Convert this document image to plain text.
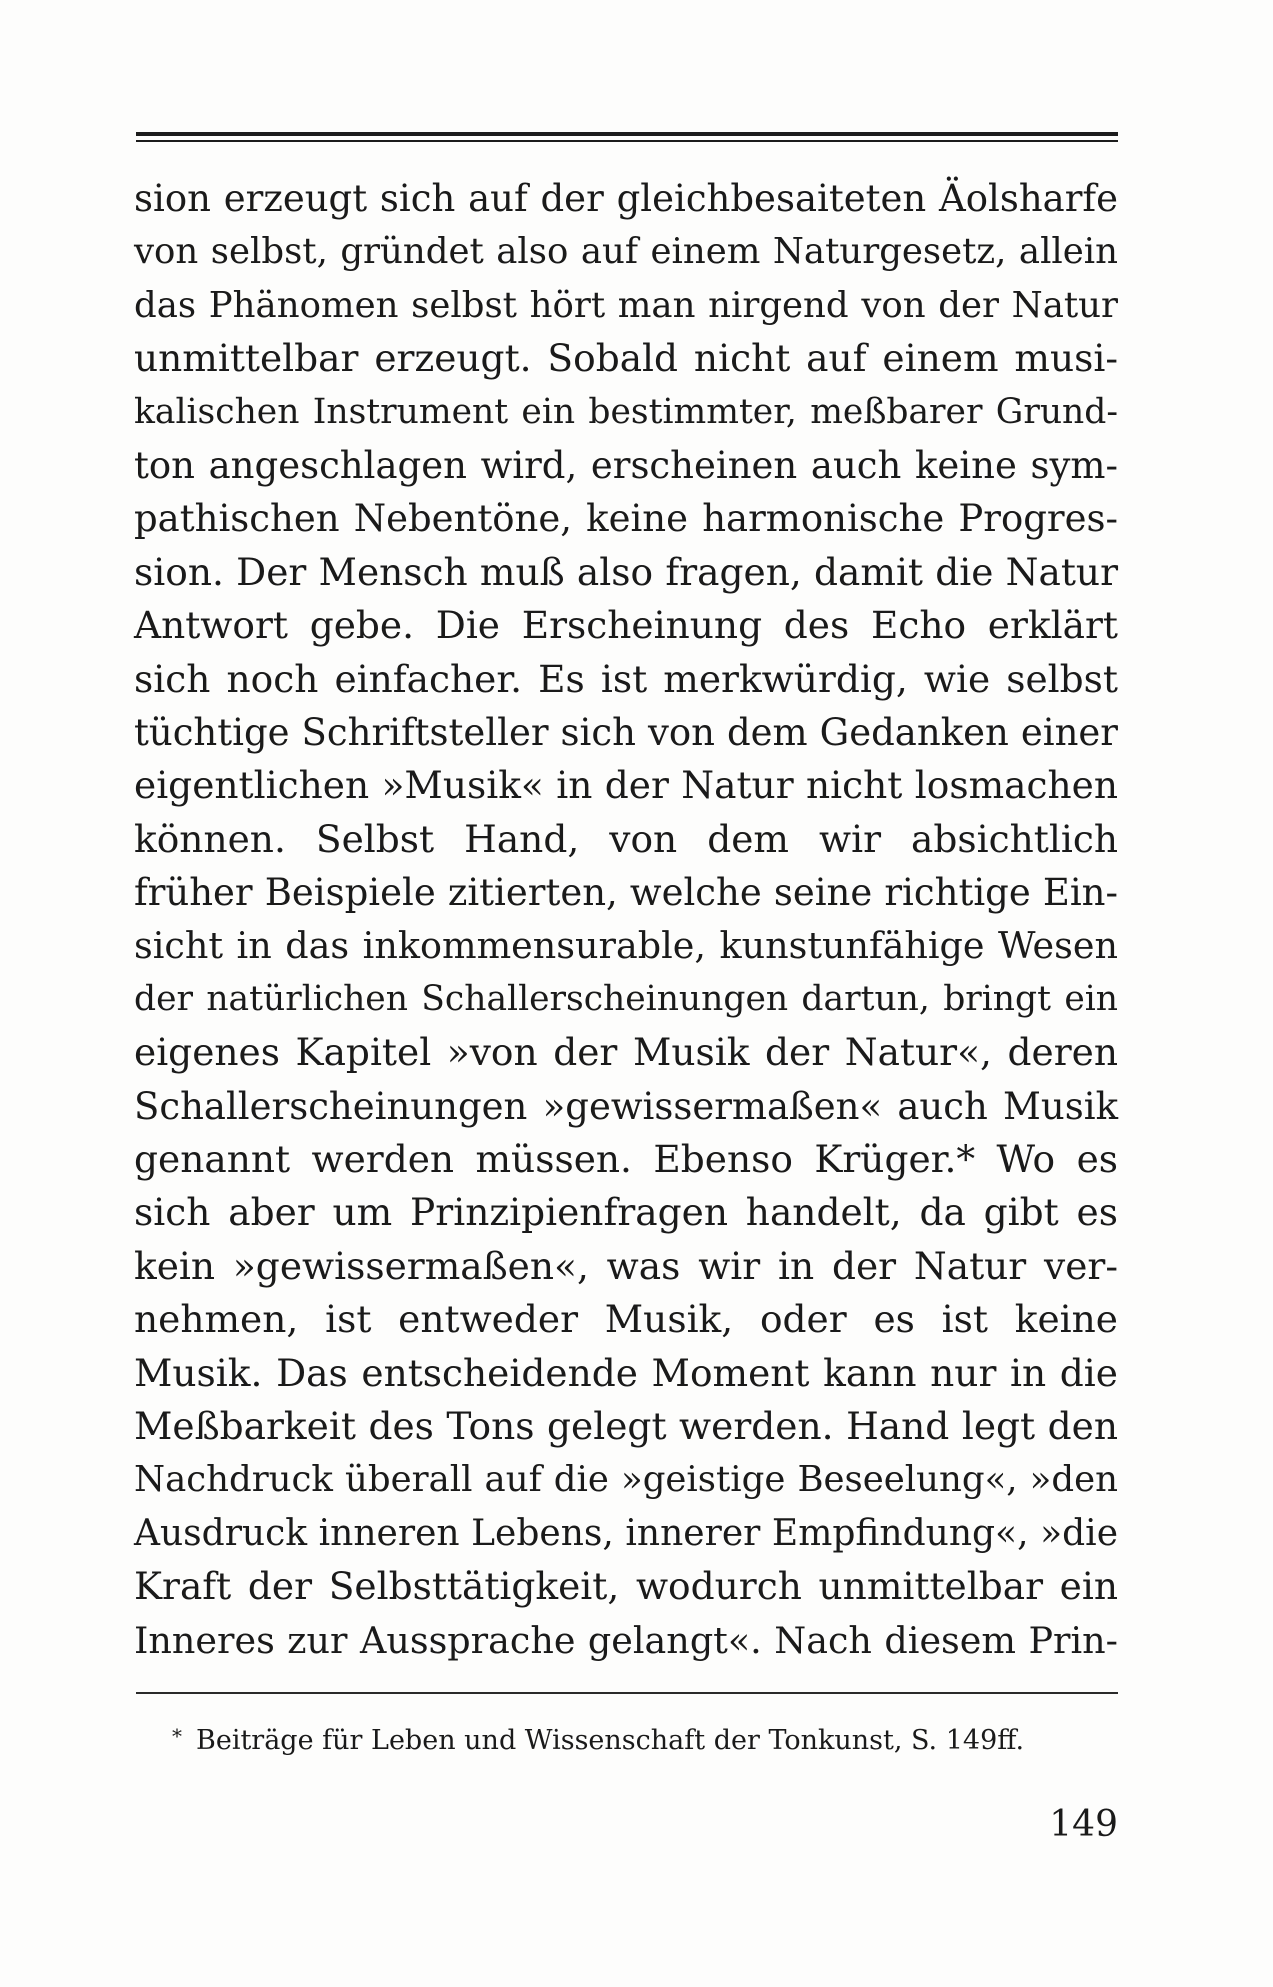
sion erzeugt sich auf der gleichbesaiteten Äolsharfe
von selbst, gründet also auf einem Naturgesetz, allein
das Phänomen selbst hört man nirgend von der Natur
unmittelbar erzeugt. Sobald nicht auf einem musi-
kalischen Instrument ein bestimmter, meßbarer Grund-
ton angeschlagen wird, erscheinen auch keine sym-
pathischen Nebentöne, keine harmonische Progres-
sion. Der Mensch muß also fragen, damit die Natur
Antwort gebe. Die Erscheinung des Echo erklärt
sich noch einfacher. Es ist merkwürdig, wie selbst
tüchtige Schriftsteller sich von dem Gedanken einer
eigentlichen »Musik« in der Natur nicht losmachen
können. Selbst Hand, von dem wir absichtlich
früher Beispiele zitierten, welche seine richtige Ein-
sicht in das inkommensurable, kunstunfähige Wesen
der natürlichen Schallerscheinungen dartun, bringt ein
eigenes Kapitel »von der Musik der Natur«, deren
Schallerscheinungen »gewissermaßen« auch Musik
genannt werden müssen. Ebenso Krüger.* Wo es
sich aber um Prinzipienfragen handelt, da gibt es
kein »gewissermaßen«, was wir in der Natur ver-
nehmen, ist entweder Musik, oder es ist keine
Musik. Das entscheidende Moment kann nur in die
Meßbarkeit des Tons gelegt werden. Hand legt den
Nachdruck überall auf die »geistige Beseelung«, »den
Ausdruck inneren Lebens, innerer Empfindung«, »die
Kraft der Selbsttätigkeit, wodurch unmittelbar ein
Inneres zur Aussprache gelangt«. Nach diesem Prin-
* Beiträge für Leben und Wissenschaft der Tonkunst, S. 149ff.
149
